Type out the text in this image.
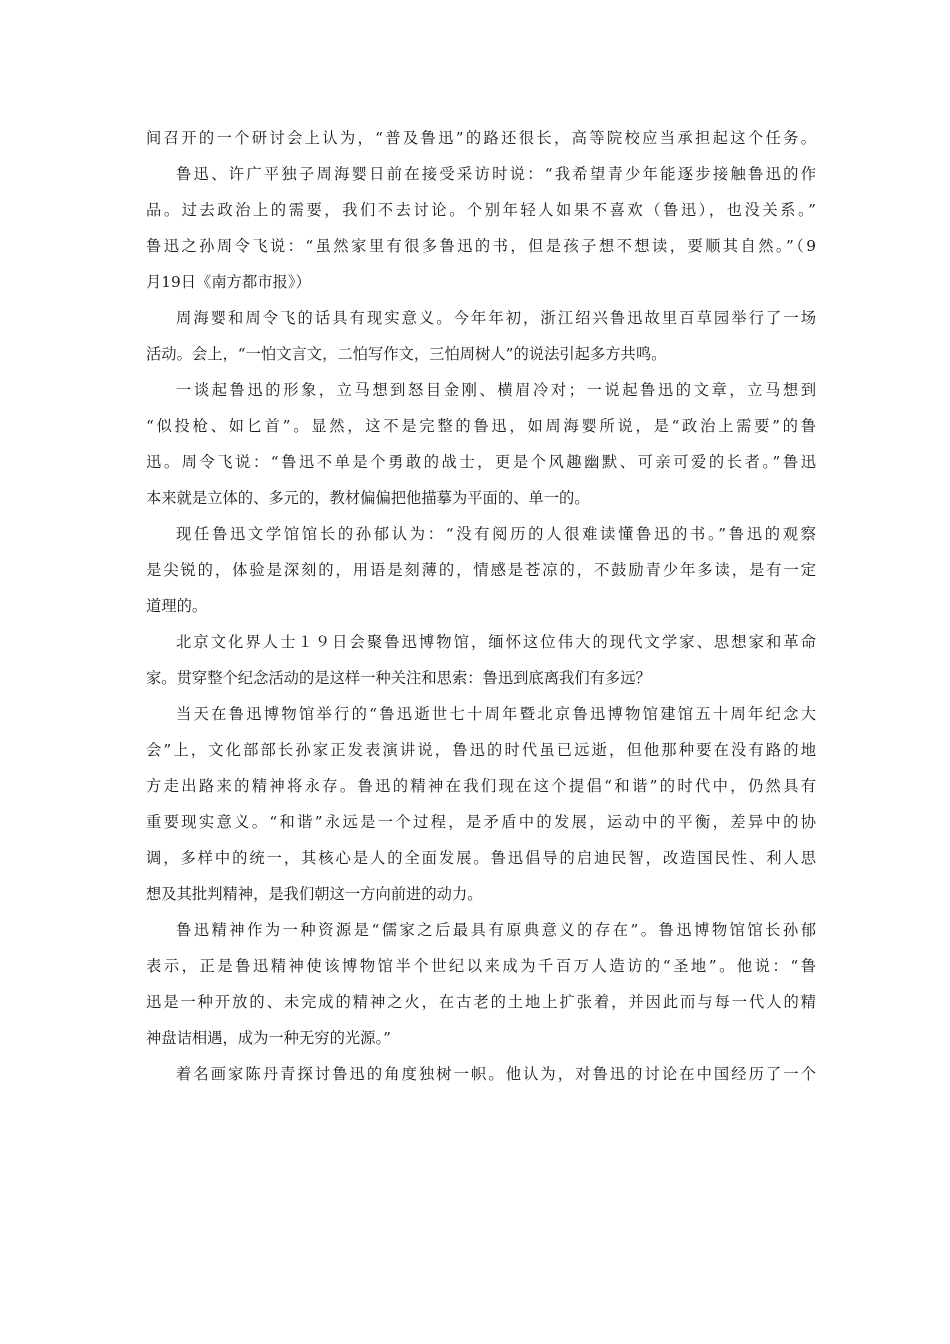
间召开的一个研讨会上认为，“普及鲁迅”的路还很长，高等院校应当承担起这个任务。
鲁迅、许广平独子周海婴日前在接受采访时说：“我希望青少年能逐步接触鲁迅的作
品。过去政治上的需要，我们不去讨论。个别年轻人如果不喜欢（鲁迅），也没关系。”
鲁迅之孙周令飞说：“虽然家里有很多鲁迅的书，但是孩子想不想读，要顺其自然。”（9
月19日《南方都市报》）
周海婴和周令飞的话具有现实意义。今年年初，浙江绍兴鲁迅故里百草园举行了一场
活动。会上，“一怕文言文，二怕写作文，三怕周树人”的说法引起多方共鸣。
一谈起鲁迅的形象，立马想到怒目金刚、横眉冷对；一说起鲁迅的文章，立马想到
“似投枪、如匕首”。显然，这不是完整的鲁迅，如周海婴所说，是“政治上需要”的鲁
迅。周令飞说：“鲁迅不单是个勇敢的战士，更是个风趣幽默、可亲可爱的长者。”鲁迅
本来就是立体的、多元的，教材偏偏把他描摹为平面的、单一的。
现任鲁迅文学馆馆长的孙郁认为：“没有阅历的人很难读懂鲁迅的书。”鲁迅的观察
是尖锐的，体验是深刻的，用语是刻薄的，情感是苍凉的，不鼓励青少年多读，是有一定
道理的。
北京文化界人士１９日会聚鲁迅博物馆，缅怀这位伟大的现代文学家、思想家和革命
家。贯穿整个纪念活动的是这样一种关注和思索：鲁迅到底离我们有多远？
当天在鲁迅博物馆举行的“鲁迅逝世七十周年暨北京鲁迅博物馆建馆五十周年纪念大
会”上，文化部部长孙家正发表演讲说，鲁迅的时代虽已远逝，但他那种要在没有路的地
方走出路来的精神将永存。鲁迅的精神在我们现在这个提倡“和谐”的时代中，仍然具有
重要现实意义。“和谐”永远是一个过程，是矛盾中的发展，运动中的平衡，差异中的协
调，多样中的统一，其核心是人的全面发展。鲁迅倡导的启迪民智，改造国民性、利人思
想及其批判精神，是我们朝这一方向前进的动力。
鲁迅精神作为一种资源是“儒家之后最具有原典意义的存在”。鲁迅博物馆馆长孙郁
表示，正是鲁迅精神使该博物馆半个世纪以来成为千百万人造访的“圣地”。他说：“鲁
迅是一种开放的、未完成的精神之火，在古老的土地上扩张着，并因此而与每一代人的精
神盘诘相遇，成为一种无穷的光源。”
着名画家陈丹青探讨鲁迅的角度独树一帜。他认为，对鲁迅的讨论在中国经历了一个
